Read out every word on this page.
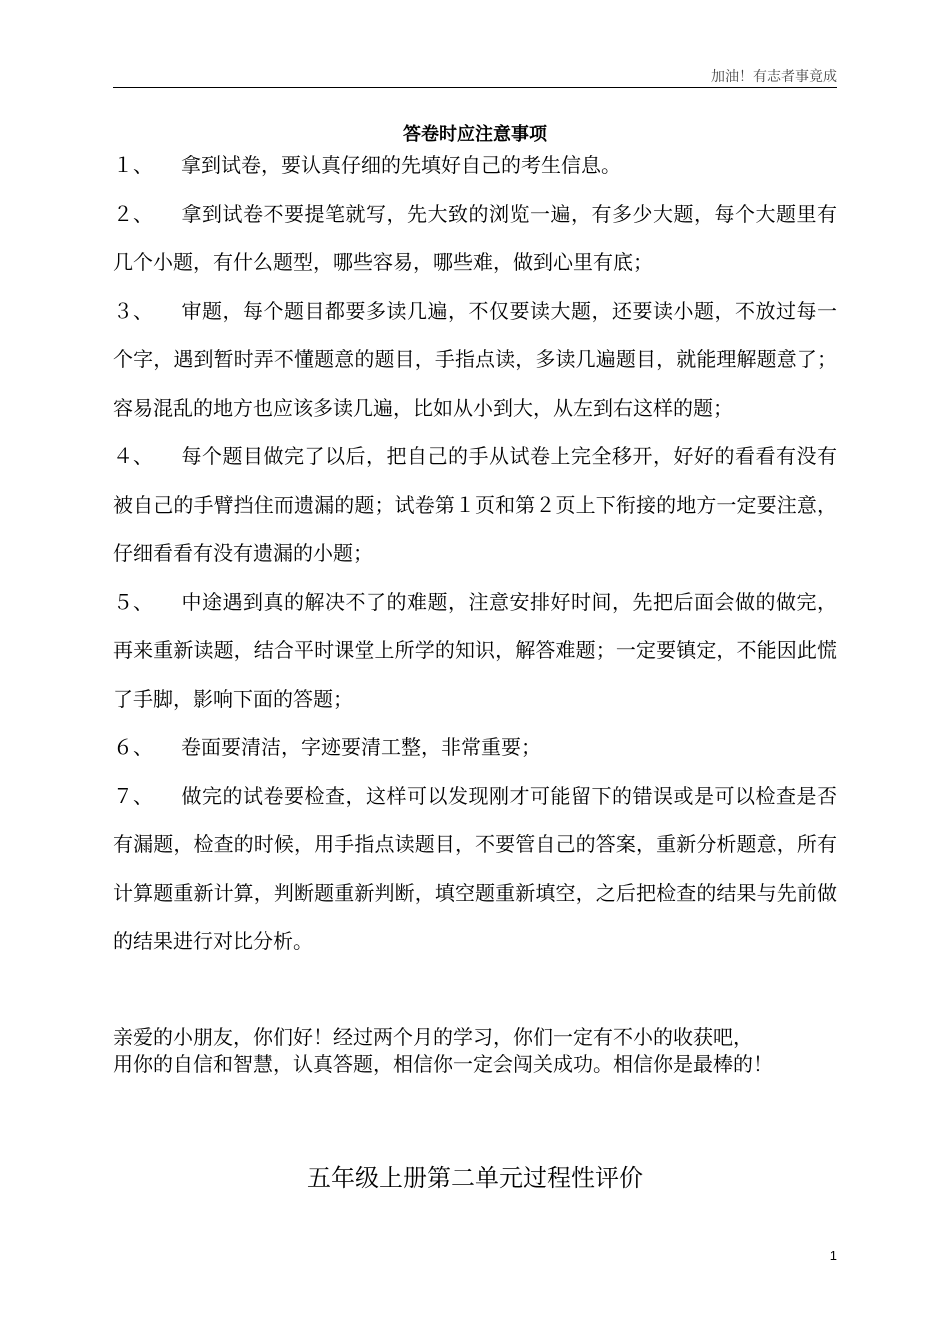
加油！有志者事竟成
答卷时应注意事项

１、 拿到试卷，要认真仔细的先填好自己的考生信息。

２、 拿到试卷不要提笔就写，先大致的浏览一遍，有多少大题，每个大题里有几个小题，有什么题型，哪些容易，哪些难，做到心里有底；

３、 审题，每个题目都要多读几遍，不仅要读大题，还要读小题，不放过每一个字，遇到暂时弄不懂题意的题目，手指点读，多读几遍题目，就能理解题意了；容易混乱的地方也应该多读几遍，比如从小到大，从左到右这样的题；

４、 每个题目做完了以后，把自己的手从试卷上完全移开，好好的看看有没有被自己的手臂挡住而遗漏的题；试卷第１页和第２页上下衔接的地方一定要注意，仔细看看有没有遗漏的小题；

５、 中途遇到真的解决不了的难题，注意安排好时间，先把后面会做的做完，再来重新读题，结合平时课堂上所学的知识，解答难题；一定要镇定，不能因此慌了手脚，影响下面的答题；

６、 卷面要清洁，字迹要清工整，非常重要；

７、 做完的试卷要检查，这样可以发现刚才可能留下的错误或是可以检查是否有漏题，检查的时候，用手指点读题目，不要管自己的答案，重新分析题意，所有计算题重新计算，判断题重新判断，填空题重新填空，之后把检查的结果与先前做的结果进行对比分析。

亲爱的小朋友，你们好！经过两个月的学习，你们一定有不小的收获吧，

用你的自信和智慧，认真答题，相信你一定会闯关成功。相信你是最棒的！

五年级上册第二单元过程性评价
1
